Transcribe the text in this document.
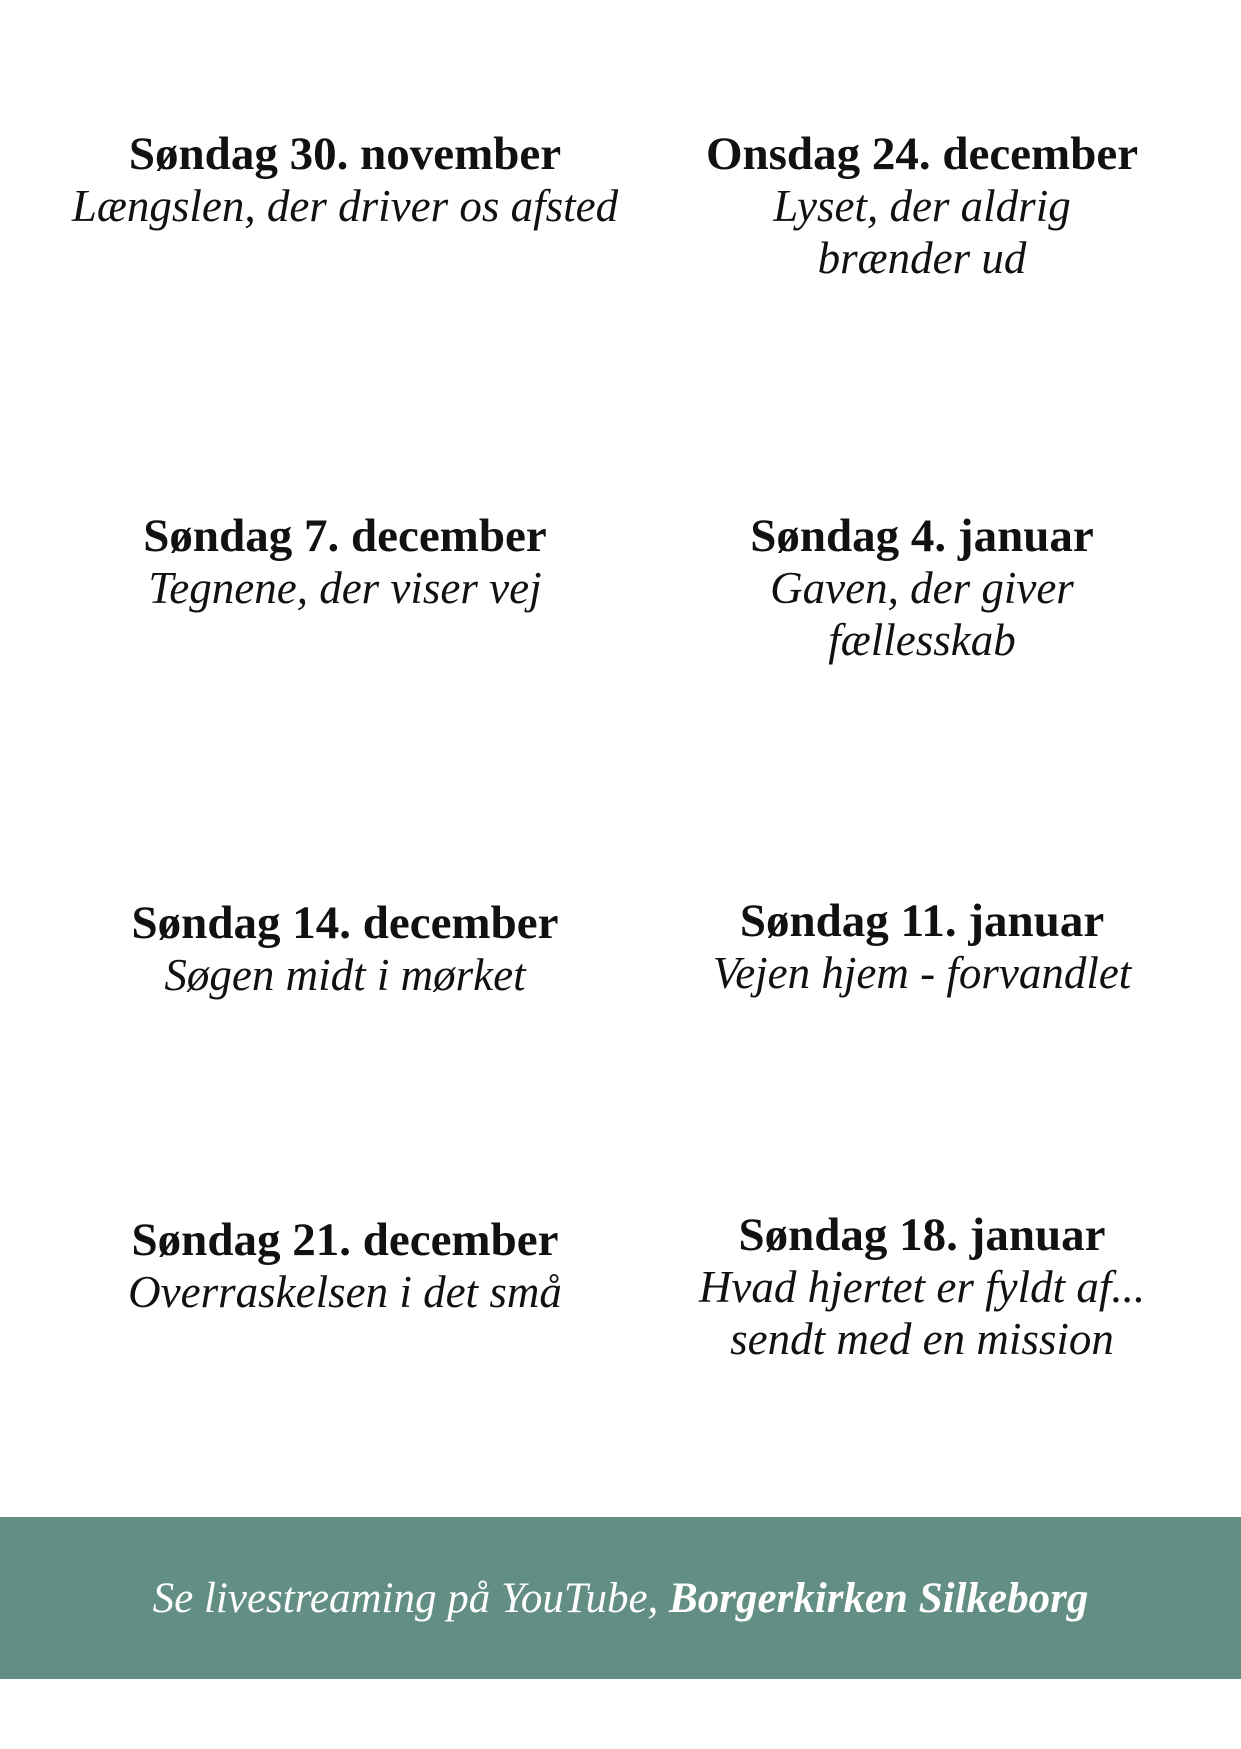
Søndag 30. november
Længslen, der driver os afsted
Søndag 7. december
Tegnene, der viser vej
Søndag 14. december
Søgen midt i mørket
Søndag 21. december
Overraskelsen i det små
Onsdag 24. december
Lyset, der aldrig brænder ud
Søndag 4. januar
Gaven, der giver fællesskab
Søndag 11. januar
Vejen hjem - forvandlet
Søndag 18. januar
Hvad hjertet er fyldt af... sendt med en mission
Se livestreaming på YouTube,
Borgerkirken Silkeborg
